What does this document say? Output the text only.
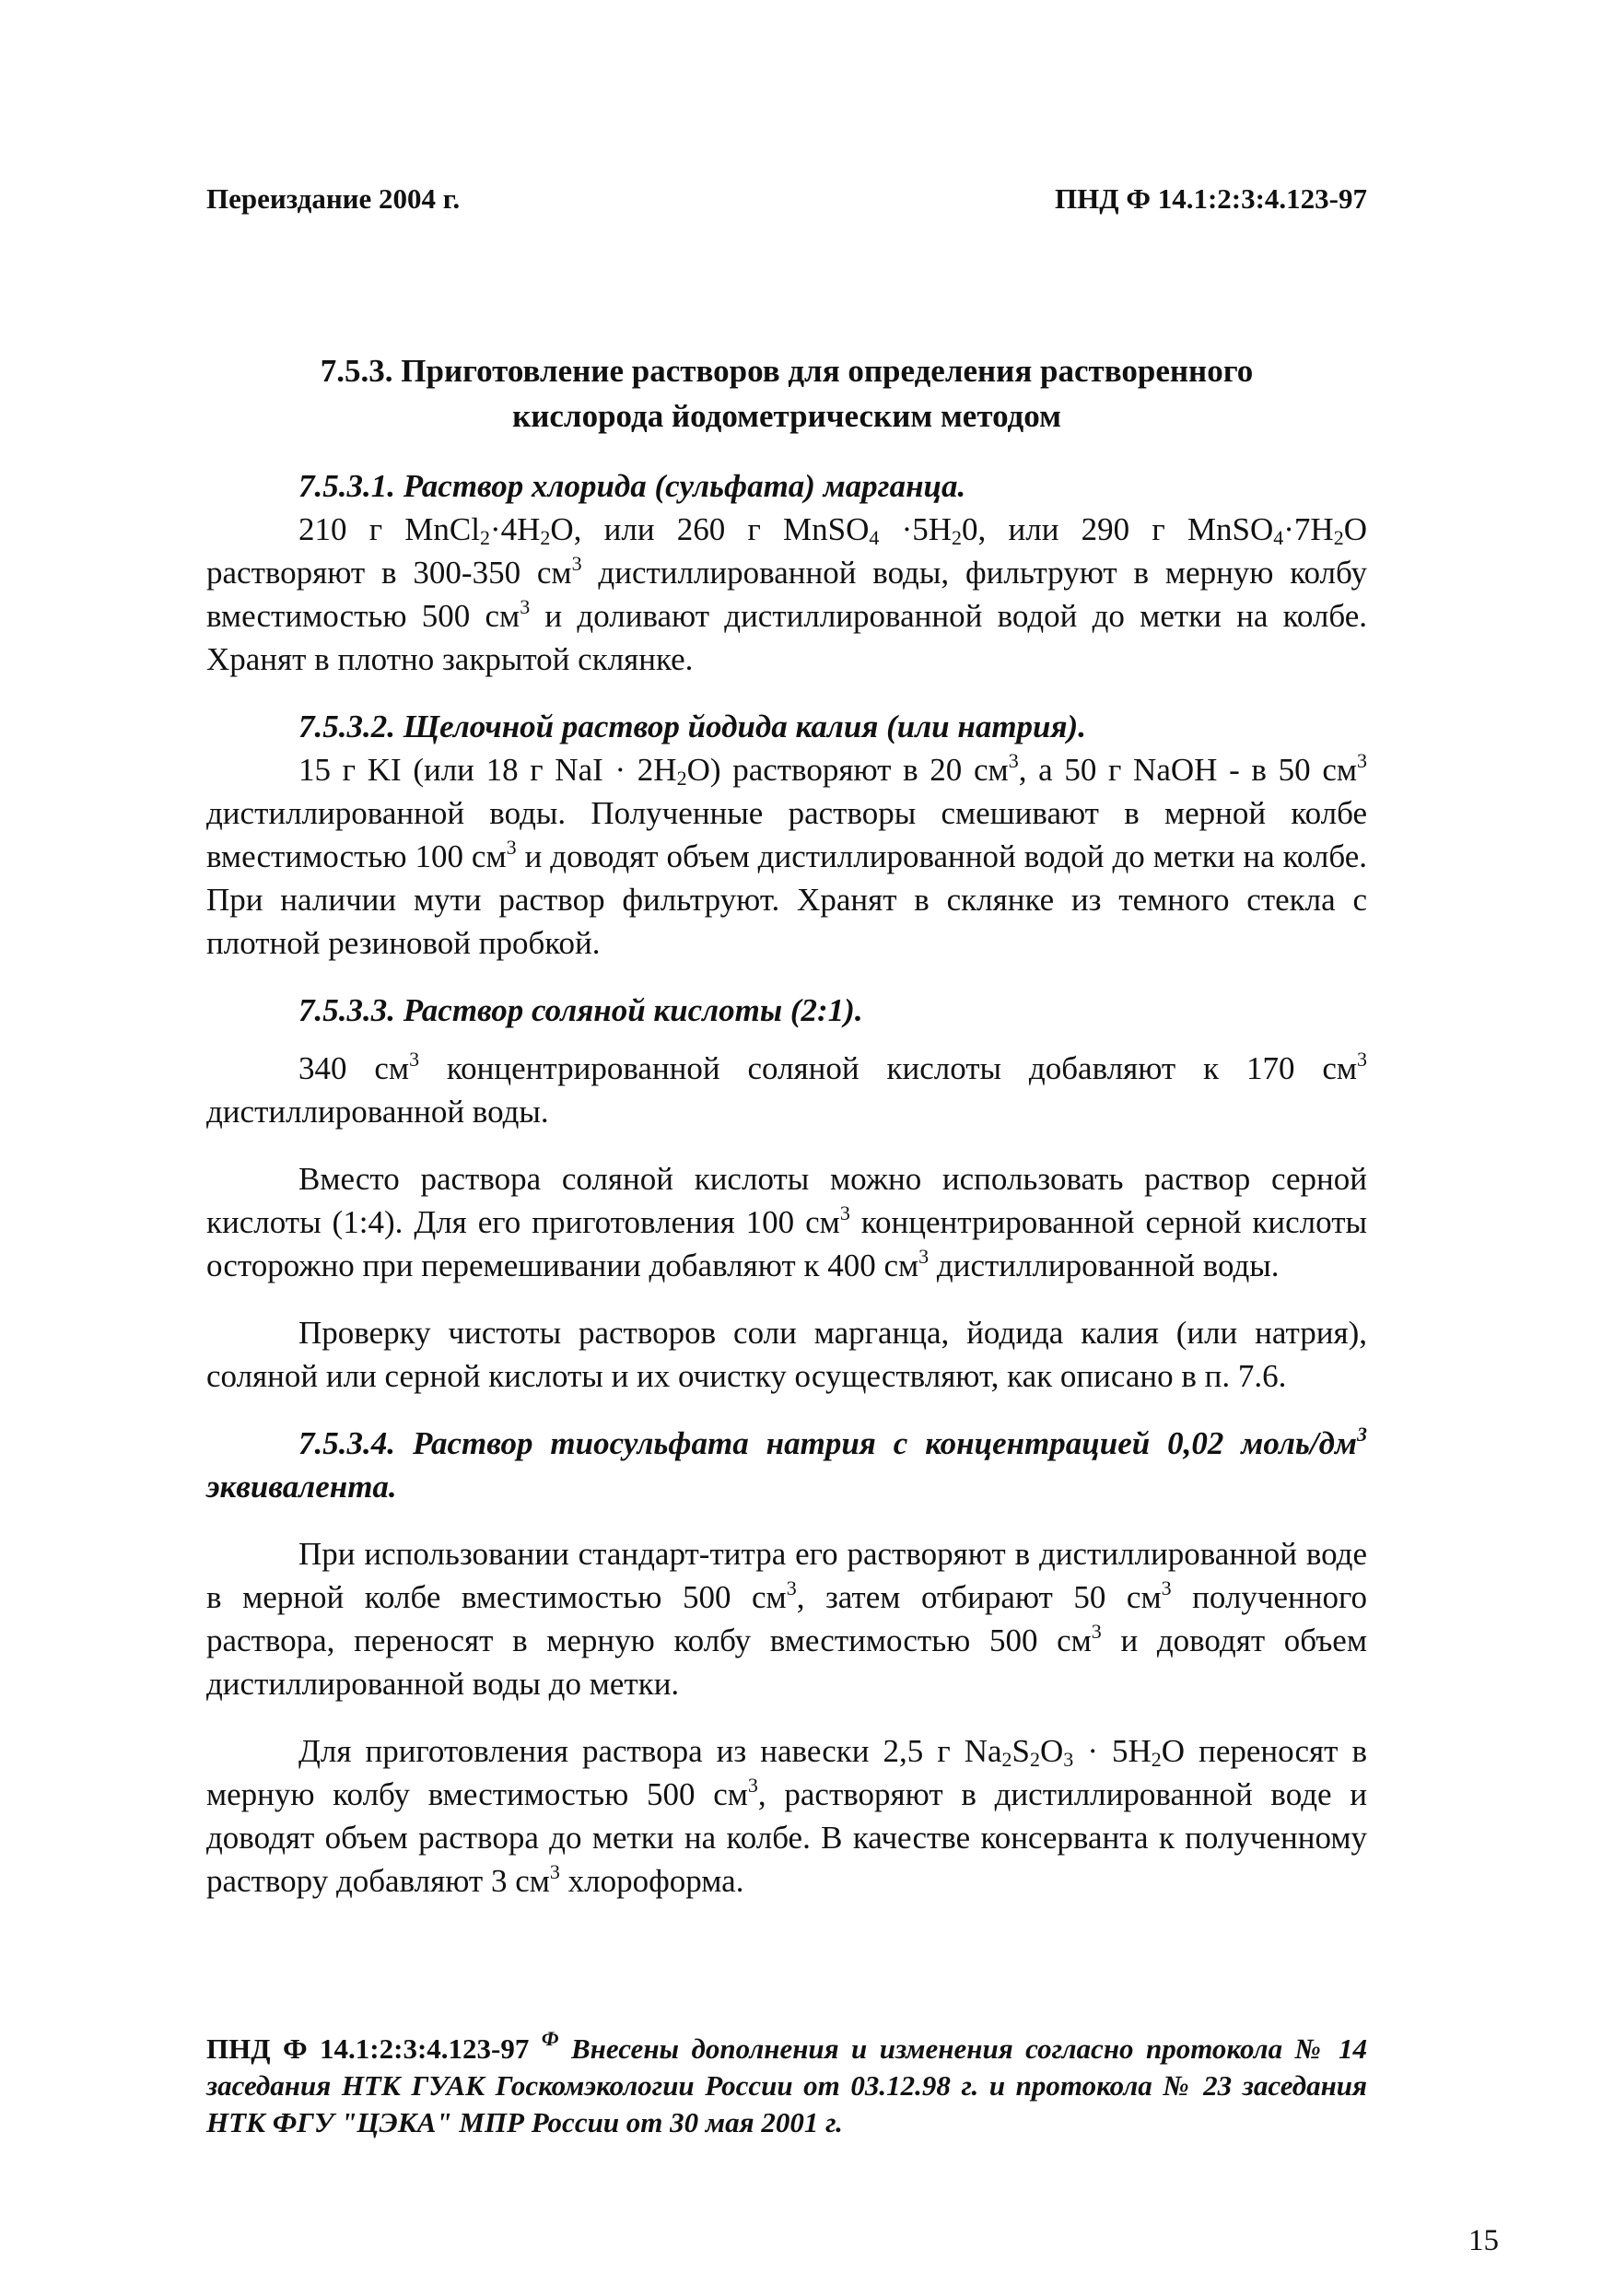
Переиздание 2004 г.	ПНД Ф 14.1:2:3:4.123-97
7.5.3. Приготовление растворов для определения растворенного
кислорода йодометрическим методом

7.5.3.1. Раствор хлорида (сульфата) марганца.

210 г $MnCl_2\cdot 4H_2O$, или 260 г MnSO$_4$ $\cdot 5H_20$, или 290 г $MnSO_4\cdot 7H_2O$ растворяют в 300-350 $см^3$ дистиллированной воды, фильтруют в мерную колбу вместимостью 500 $см^3$ и доливают дистиллированной водой до метки на колбе. Хранят в плотно закрытой склянке.

7.5.3.2. Щелочной раствор йодида калия (или натрия).

15 г KI (или 18 г NaI · $2H_2O$) растворяют в 20 $см^3$, а 50 г NaOH - в 50 $см^3$ дистиллированной воды. Полученные растворы смешивают в мерной колбе вместимостью 100 $см^3$ и доводят объем дистиллированной водой до метки на колбе. При наличии мути раствор фильтруют. Хранят в склянке из темного стекла с плотной резиновой пробкой.

7.5.3.3. Раствор соляной кислоты (2:1).

340 $см^3$ концентрированной соляной кислоты добавляют к 170 $см^3$ дистиллированной воды.

Вместо раствора соляной кислоты можно использовать раствор серной кислоты (1:4). Для его приготовления 100 $см^3$ концентрированной серной кислоты осторожно при перемешивании добавляют к 400 $см^3$ дистиллированной воды.

Проверку чистоты растворов соли марганца, йодида калия (или натрия), соляной или серной кислоты и их очистку осуществляют, как описано в п. 7.6.

7.5.3.4. Раствор тиосульфата натрия с концентрацией 0,02 моль/$дм^3$ эквивалента.

При использовании стандарт-титра его растворяют в дистиллированной воде в мерной колбе вместимостью 500 $см^3$, затем отбирают 50 $см^3$ полученного раствора, переносят в мерную колбу вместимостью 500 $см^3$ и доводят объем дистиллированной воды до метки.

Для приготовления раствора из навески 2,5 г $Na_2S_2O_3 \cdot 5H_2O$ переносят в мерную колбу вместимостью 500 $см^3$, растворяют в дистиллированной воде и доводят объем раствора до метки на колбе. В качестве консерванта к полученному раствору добавляют 3 $см^3$ хлороформа.

ПНД Ф 14.1:2:3:4.123-97 $^Ф$ Внесены дополнения и изменения согласно протокола № 14 заседания НТК ГУАК Госкомэкологии России от 03.12.98 г. и протокола № 23 заседания НТК ФГУ "ЦЭКА" МПР России от 30 мая 2001 г.
15
